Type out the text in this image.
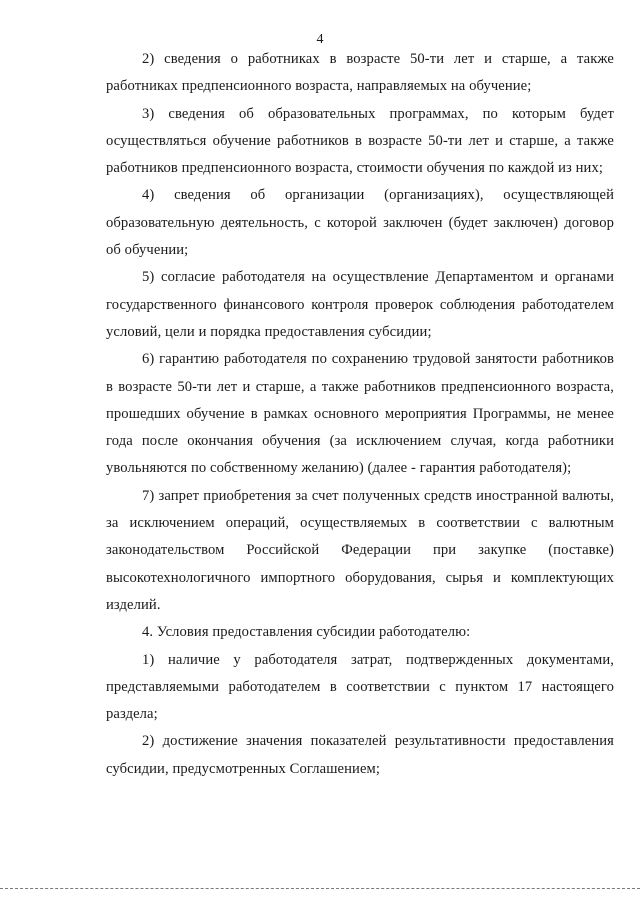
4

2) сведения о работниках в возрасте 50-ти лет и старше, а также работниках предпенсионного возраста, направляемых на обучение;

3) сведения об образовательных программах, по которым будет осуществляться обучение работников в возрасте 50-ти лет и старше, а также работников предпенсионного возраста, стоимости обучения по каждой из них;

4) сведения об организации (организациях), осуществляющей образовательную деятельность, с которой заключен (будет заключен) договор об обучении;

5) согласие работодателя на осуществление Департаментом и органами государственного финансового контроля проверок соблюдения работодателем условий, цели и порядка предоставления субсидии;

6) гарантию работодателя по сохранению трудовой занятости работников в возрасте 50-ти лет и старше, а также работников предпенсионного возраста, прошедших обучение в рамках основного мероприятия Программы, не менее года после окончания обучения (за исключением случая, когда работники увольняются по собственному желанию) (далее - гарантия работодателя);

7) запрет приобретения за счет полученных средств иностранной валюты, за исключением операций, осуществляемых в соответствии с валютным законодательством Российской Федерации при закупке (поставке) высокотехнологичного импортного оборудования, сырья и комплектующих изделий.

4. Условия предоставления субсидии работодателю:

1) наличие у работодателя затрат, подтвержденных документами, представляемыми работодателем в соответствии с пунктом 17 настоящего раздела;

2) достижение значения показателей результативности предоставления субсидии, предусмотренных Соглашением;
